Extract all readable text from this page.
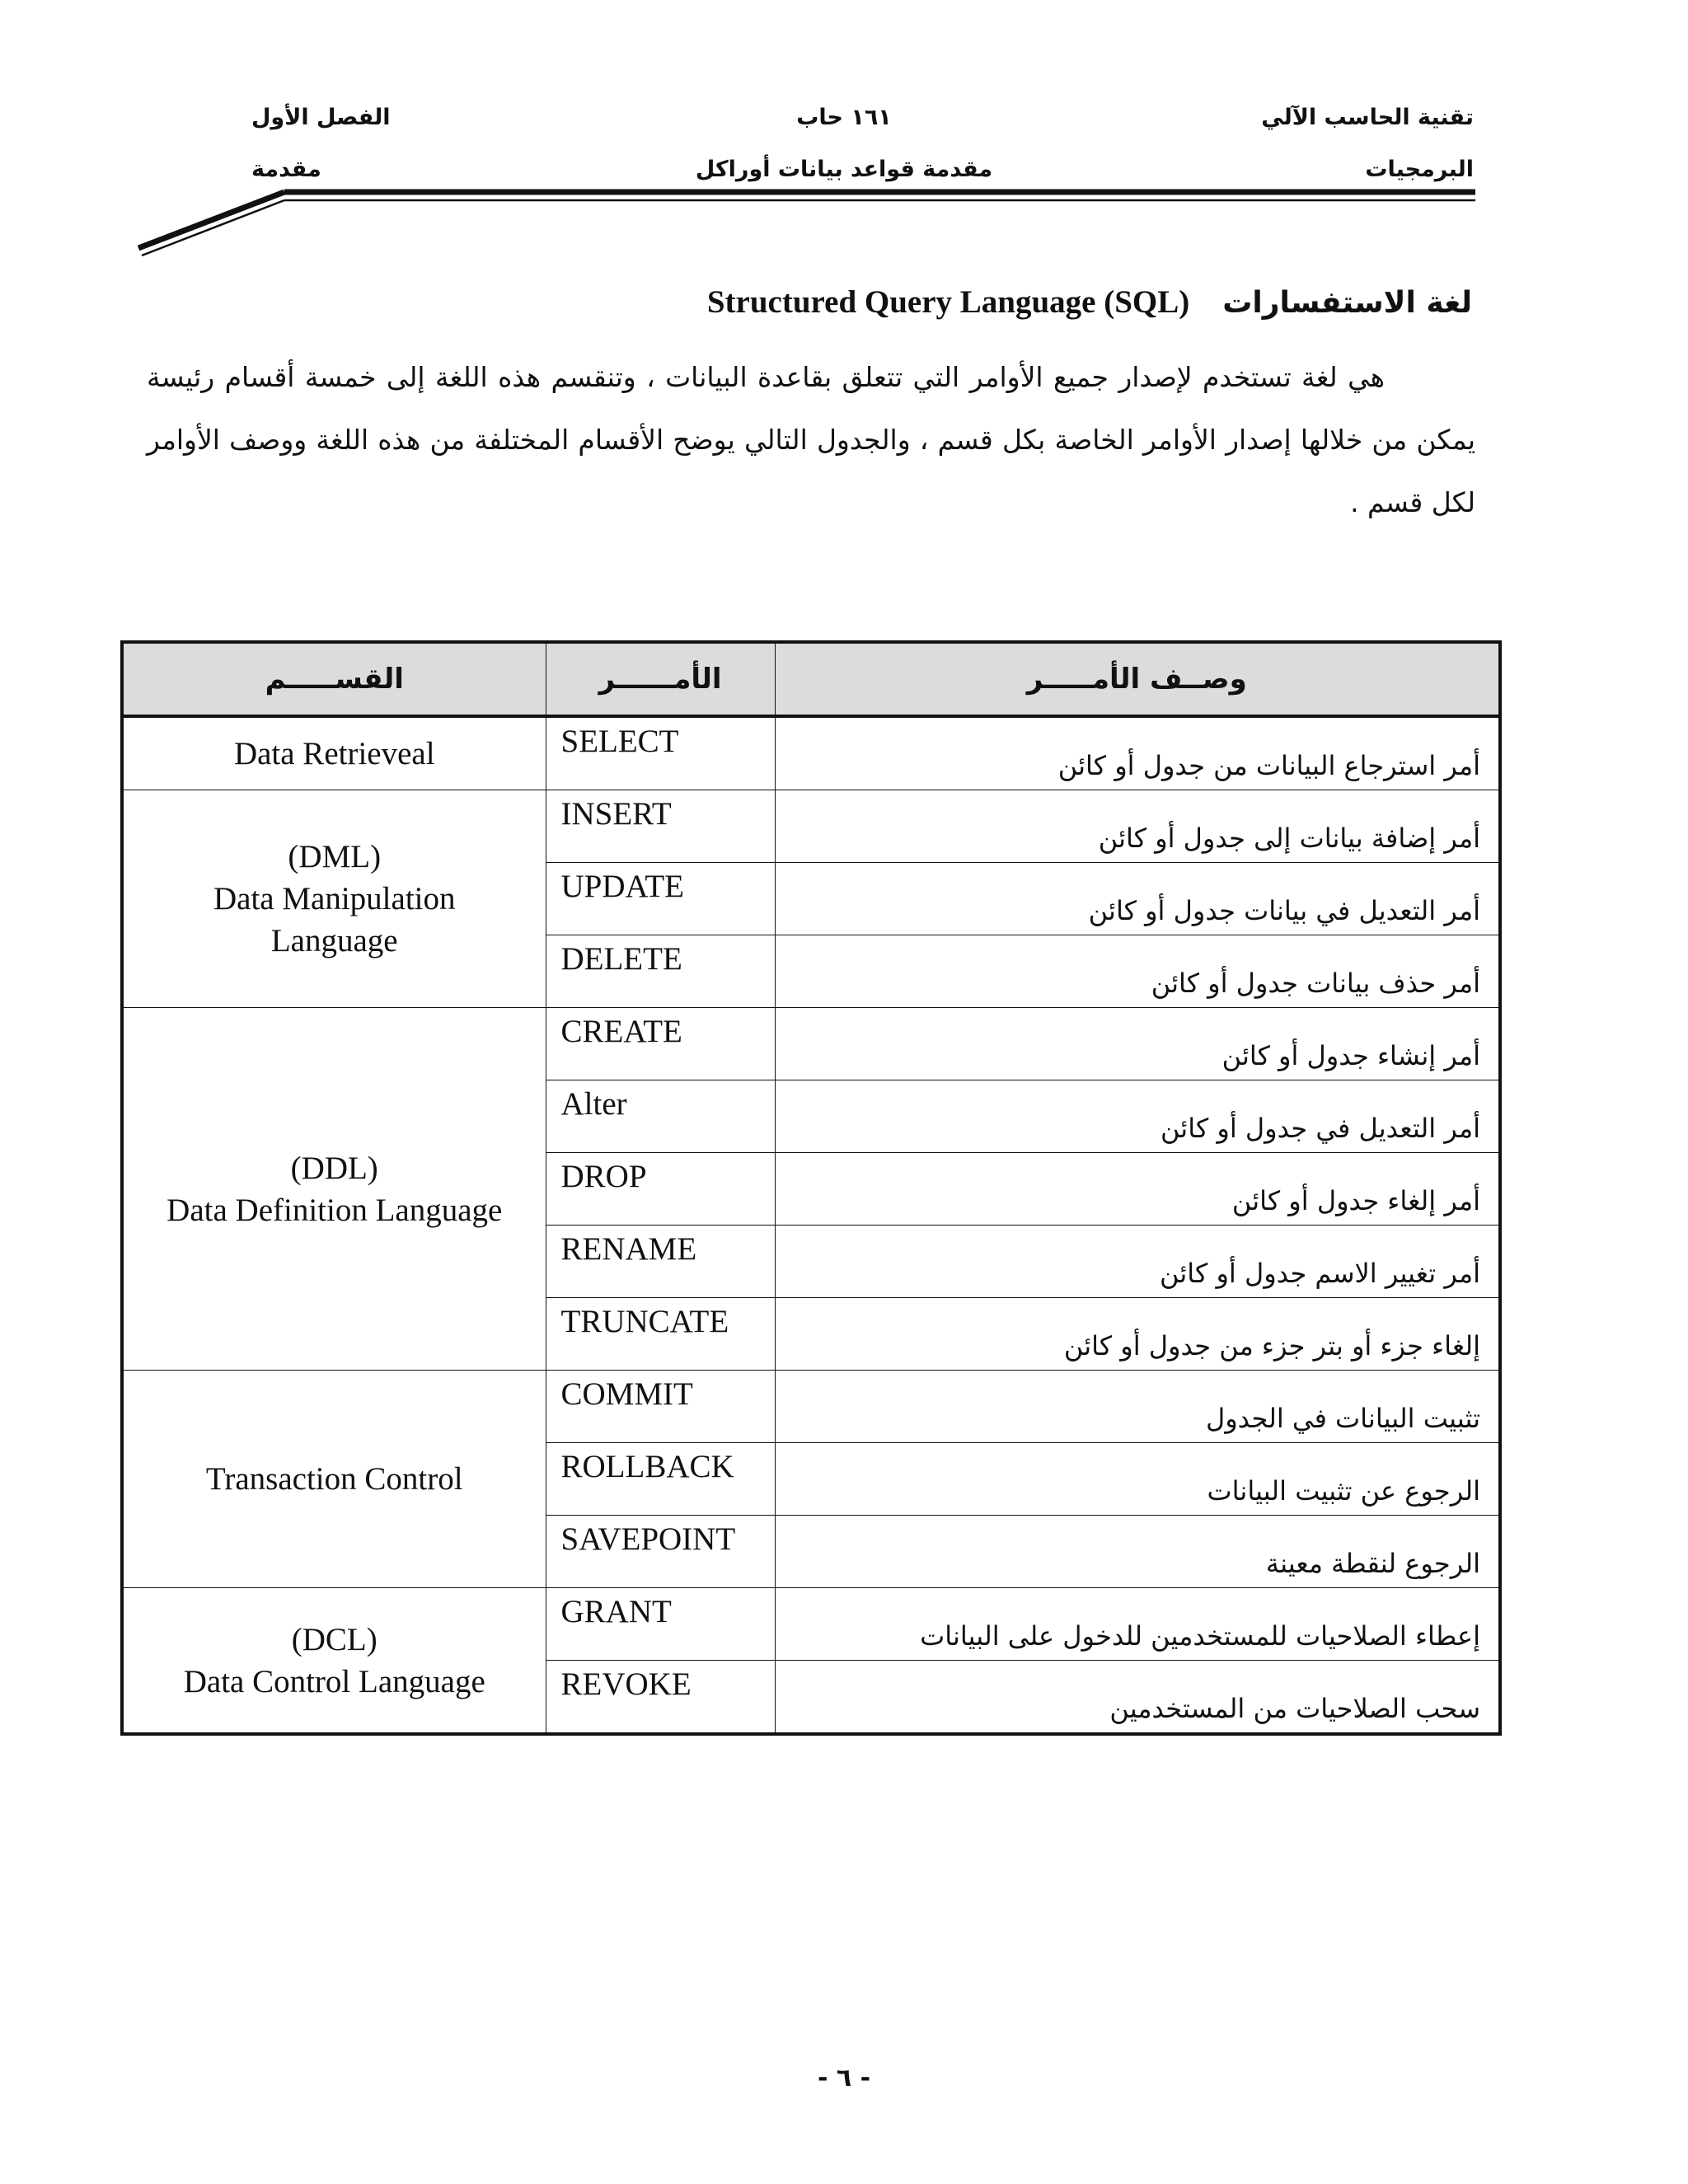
تقنية الحاسب الآلي
١٦١ حاب
الفصل الأول
البرمجيات
مقدمة قواعد بيانات أوراكل
مقدمة
Structured Query Language (SQL) لغة الاستفسارات
هي لغة تستخدم لإصدار جميع الأوامر التي تتعلق بقاعدة البيانات ، وتنقسم هذه اللغة إلى خمسة أقسام رئيسة يمكن من خلالها إصدار الأوامر الخاصة بكل قسم ، والجدول التالي يوضح الأقسام المختلفة من هذه اللغة ووصف الأوامر لكل قسم .
القســـــم	الأمــــــر	وصــف الأمـــــر

Data Retrieveal	SELECT	أمر استرجاع البيانات من جدول أو كائن

(DML)
Data Manipulation
Language	INSERT	أمر إضافة بيانات إلى جدول أو كائن
	UPDATE	أمر التعديل في بيانات جدول أو كائن
	DELETE	أمر حذف بيانات جدول أو كائن

(DDL)
Data Definition Language	CREATE	أمر إنشاء جدول أو كائن
	Alter	أمر التعديل في جدول أو كائن
	DROP	أمر إلغاء جدول أو كائن
	RENAME	أمر تغيير الاسم جدول أو كائن
	TRUNCATE	إلغاء جزء أو بتر جزء من جدول أو كائن

Transaction Control	COMMIT	تثبيت البيانات في الجدول
	ROLLBACK	الرجوع عن تثبيت البيانات
	SAVEPOINT	الرجوع لنقطة معينة

(DCL)
Data Control Language	GRANT	إعطاء الصلاحيات للمستخدمين للدخول على البيانات
	REVOKE	سحب الصلاحيات من المستخدمين
- ٦ -
